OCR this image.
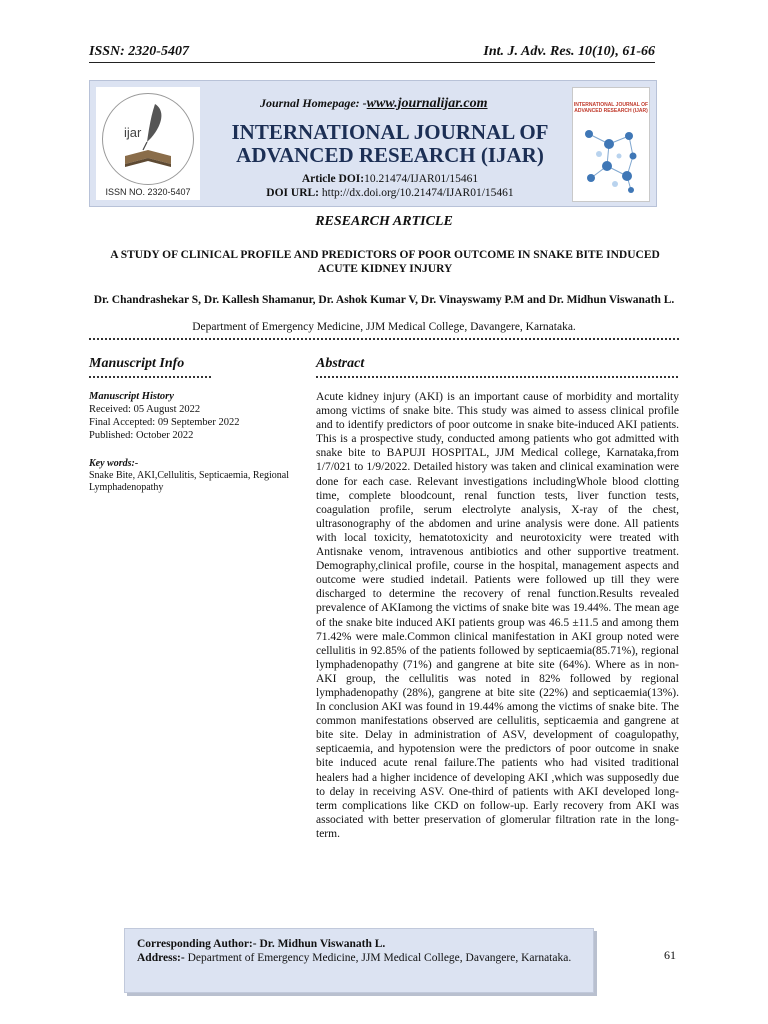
ISSN: 2320-5407	Int. J. Adv. Res. 10(10), 61-66
ijar
ISSN NO. 2320-5407
Journal Homepage: -www.journalijar.com
INTERNATIONAL JOURNAL OF
ADVANCED RESEARCH (IJAR)
Article DOI:10.21474/IJAR01/15461
DOI URL: http://dx.doi.org/10.21474/IJAR01/15461
INTERNATIONAL JOURNAL OF ADVANCED RESEARCH (IJAR)
RESEARCH ARTICLE
A STUDY OF CLINICAL PROFILE AND PREDICTORS OF POOR OUTCOME IN SNAKE BITE INDUCED ACUTE KIDNEY INJURY
Dr. Chandrashekar S, Dr. Kallesh Shamanur, Dr. Ashok Kumar V, Dr. Vinayswamy P.M and Dr. Midhun Viswanath L.
Department of Emergency Medicine, JJM Medical College, Davangere, Karnataka.
Manuscript Info	Abstract
Manuscript History
Received: 05 August 2022
Final Accepted: 09 September 2022
Published: October 2022
Key words:-
Snake Bite, AKI,Cellulitis, Septicaemia, Regional Lymphadenopathy
Acute kidney injury (AKI) is an important cause of morbidity and mortality among victims of snake bite. This study was aimed to assess clinical profile and to identify predictors of poor outcome in snake bite-induced AKI patients. This is a prospective study, conducted among patients who got admitted with snake bite to BAPUJI HOSPITAL, JJM Medical college, Karnataka,from 1/7/021 to 1/9/2022. Detailed history was taken and clinical examination were done for each case. Relevant investigations includingWhole blood clotting time, complete bloodcount, renal function tests, liver function tests, coagulation profile, serum electrolyte analysis, X-ray of the chest, ultrasonography of the abdomen and urine analysis were done. All patients with local toxicity, hematotoxicity and neurotoxicity were treated with Antisnake venom, intravenous antibiotics and other supportive treatment. Demography,clinical profile, course in the hospital, management aspects and outcome were studied indetail. Patients were followed up till they were discharged to determine the recovery of renal function.Results revealed prevalence of AKIamong the victims of snake bite was 19.44%. The mean age of the snake bite induced AKI patients group was 46.5 ±11.5 and among them 71.42% were male.Common clinical manifestation in AKI group noted were cellulitis in 92.85% of the patients followed by septicaemia(85.71%), regional lymphadenopathy (71%) and gangrene at bite site (64%). Where as in non-AKI group, the cellulitis was noted in 82% followed by regional lymphadenopathy (28%), gangrene at bite site (22%) and septicaemia(13%). In conclusion AKI was found in 19.44% among the victims of snake bite. The common manifestations observed are cellulitis, septicaemia and gangrene at bite site. Delay in administration of ASV, development of coagulopathy, septicaemia, and hypotension were the predictors of poor outcome in snake bite induced acute renal failure.The patients who had visited traditional healers had a higher incidence of developing AKI ,which was supposedly due to delay in receiving ASV. One-third of patients with AKI developed long-term complications like CKD on follow-up. Early recovery from AKI was associated with better preservation of glomerular filtration rate in the long-term.
Corresponding Author:- Dr. Midhun Viswanath L.
Address:- Department of Emergency Medicine, JJM Medical College, Davangere, Karnataka.	61
